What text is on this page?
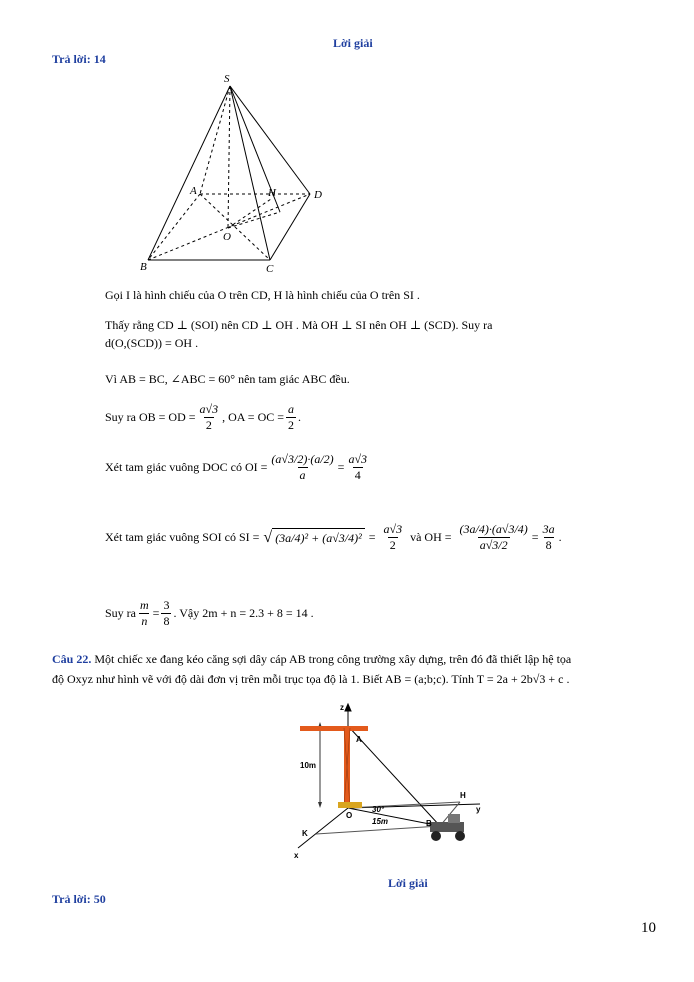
Lời giải
Trả lời: 14
S
A	H	D
O
B	C
Gọi I là hình chiếu của O trên CD, H là hình chiếu của O trên SI .
Thấy rằng CD ⊥ (SOI) nên CD ⊥ OH . Mà OH ⊥ SI nên OH ⊥ (SCD). Suy ra
d(O,(SCD)) = OH .
Vì AB = BC, ∠ABC = 60° nên tam giác ABC đều.
Suy ra OB = OD = $\frac{a√3}{2}$ , OA = OC = $\frac{a}{2}$ .
Xét tam giác vuông DOC có OI = $\frac{(a√3/2)\cdot(a/2)}{a} = \frac{a√3}{4}$
Xét tam giác vuông SOI có SI = √ $(3a/4)^2 + (a√3/4)^2 = \frac{a√3}{2}$ và OH = $\frac{(3a/4)\cdot(a√3/4)}{a√3/2} = \frac{3a}{8}$ .
Suy ra $\frac{m}{n} = \frac{3}{8}$ . Vậy 2m + n = 2.3 + 8 = 14 .
Câu 22. Một chiếc xe đang kéo căng sợi dây cáp AB trong công trường xây dựng, trên đó đã thiết lập hệ tọa
độ Oxyz như hình vẽ với độ dài đơn vị trên mỗi trục tọa độ là 1. Biết AB = (a;b;c). Tính T = 2a + 2b√3 + c .
z
A
10m
H
O
30°
15m
y
B
K
x
Lời giải
Trả lời: 50
10
